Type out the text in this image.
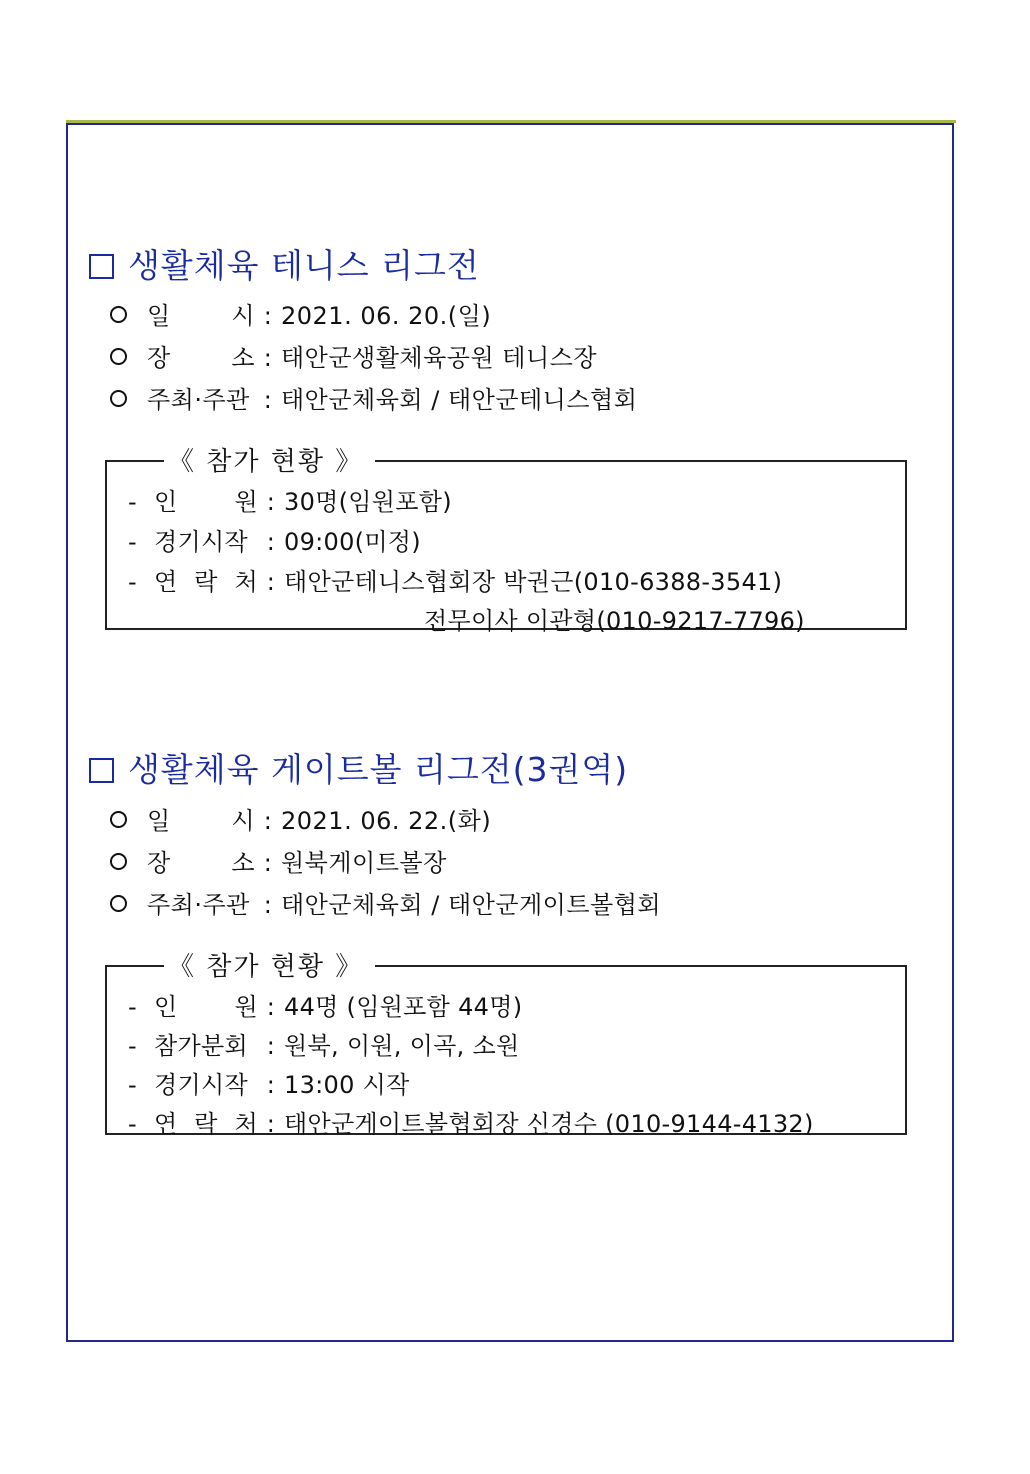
생활체육 테니스 리그전
일 시 : 2021. 06. 20.(일)
장 소 : 태안군생활체육공원 테니스장
주최·주관 : 태안군체육회 / 태안군테니스협회
《 참가 현황 》
- 인 원 : 30명(임원포함)
- 경기시작 : 09:00(미정)
- 연 락 처 : 태안군테니스협회장 박권근(010-6388-3541)
전무이사 이관형(010-9217-7796)
생활체육 게이트볼 리그전(3권역)
일 시 : 2021. 06. 22.(화)
장 소 : 원북게이트볼장
주최·주관 : 태안군체육회 / 태안군게이트볼협회
《 참가 현황 》
- 인 원 : 44명 (임원포함 44명)
- 참가분회 : 원북, 이원, 이곡, 소원
- 경기시작 : 13:00 시작
- 연 락 처 : 태안군게이트볼협회장 신경수 (010-9144-4132)
